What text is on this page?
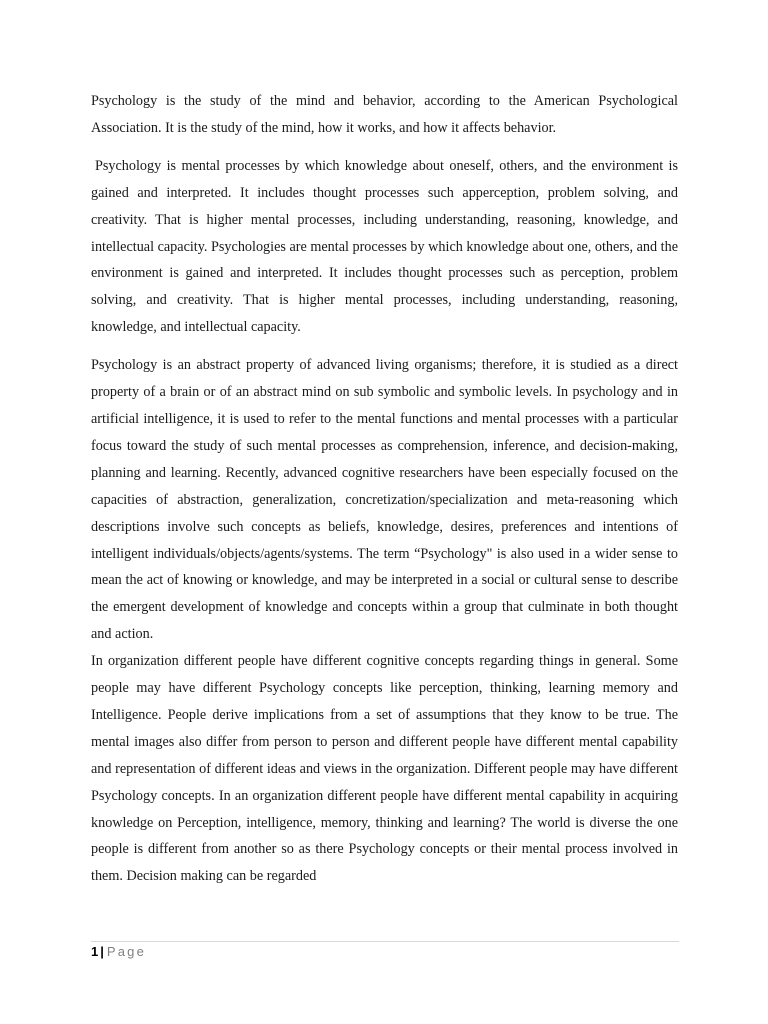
Psychology is the study of the mind and behavior, according to the American Psychological Association. It is the study of the mind, how it works, and how it affects behavior.

Psychology is mental processes by which knowledge about oneself, others, and the environment is gained and interpreted. It includes thought processes such apperception, problem solving, and creativity. That is higher mental processes, including understanding, reasoning, knowledge, and intellectual capacity. Psychologies are mental processes by which knowledge about one, others, and the environment is gained and interpreted. It includes thought processes such as perception, problem solving, and creativity. That is higher mental processes, including understanding, reasoning, knowledge, and intellectual capacity.

Psychology is an abstract property of advanced living organisms; therefore, it is studied as a direct property of a brain or of an abstract mind on sub symbolic and symbolic levels. In psychology and in artificial intelligence, it is used to refer to the mental functions and mental processes with a particular focus toward the study of such mental processes as comprehension, inference, and decision-making, planning and learning. Recently, advanced cognitive researchers have been especially focused on the capacities of abstraction, generalization, concretization/specialization and meta-reasoning which descriptions involve such concepts as beliefs, knowledge, desires, preferences and intentions of intelligent individuals/objects/agents/systems. The term “Psychology" is also used in a wider sense to mean the act of knowing or knowledge, and may be interpreted in a social or cultural sense to describe the emergent development of knowledge and concepts within a group that culminate in both thought and action.

In organization different people have different cognitive concepts regarding things in general. Some people may have different Psychology concepts like perception, thinking, learning memory and Intelligence. People derive implications from a set of assumptions that they know to be true. The mental images also differ from person to person and different people have different mental capability and representation of different ideas and views in the organization. Different people may have different Psychology concepts. In an organization different people have different mental capability in acquiring knowledge on Perception, intelligence, memory, thinking and learning? The world is diverse the one people is different from another so as there Psychology concepts or their mental process involved in them. Decision making can be regarded

1 | Page
